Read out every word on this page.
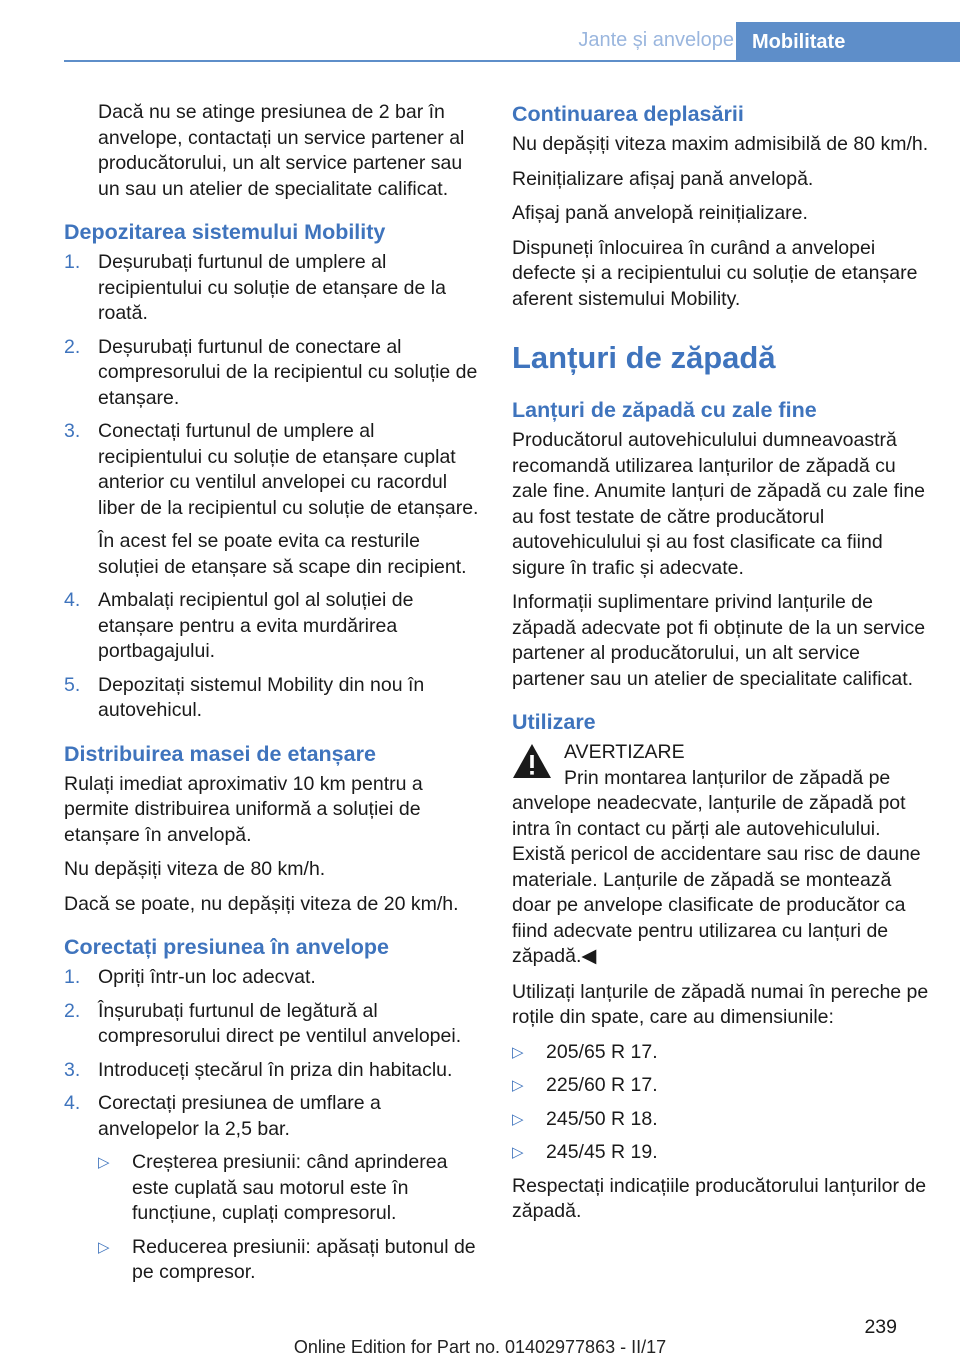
Jante și anvelope Mobilitate

Dacă nu se atinge presiunea de 2 bar în anvelope, contactați un service partener al producătorului, un alt service partener sau un sau un atelier de specialitate calificat.

Depozitarea sistemului Mobility
1. Deșurubați furtunul de umplere al recipientului cu soluție de etanșare de la roată.
2. Deșurubați furtunul de conectare al compresorului de la recipientul cu soluție de etanșare.
3. Conectați furtunul de umplere al recipientului cu soluție de etanșare cuplat anterior cu ventilul anvelopei cu racordul liber de la recipientul cu soluție de etanșare.
În acest fel se poate evita ca resturile soluției de etanșare să scape din recipient.
4. Ambalați recipientul gol al soluției de etanșare pentru a evita murdărirea portbagajului.
5. Depozitați sistemul Mobility din nou în autovehicul.
Distribuirea masei de etanșare

Rulați imediat aproximativ 10 km pentru a permite distribuirea uniformă a soluției de etanșare în anvelopă.

Nu depășiți viteza de 80 km/h.

Dacă se poate, nu depășiți viteza de 20 km/h.

Corectați presiunea în anvelope
1. Opriți într-un loc adecvat.
2. Înșurubați furtunul de legătură al compresorului direct pe ventilul anvelopei.
3. Introduceți ștecărul în priza din habitaclu.
4. Corectați presiunea de umflare a anvelopelor la 2,5 bar.
▷ Creșterea presiunii: când aprinderea este cuplată sau motorul este în funcțiune, cuplați compresorul.
▷ Reducerea presiunii: apăsați butonul de pe compresor.
Continuarea deplasării

Nu depășiți viteza maxim admisibilă de 80 km/h.

Reinițializare afișaj pană anvelopă.

Afișaj pană anvelopă reinițializare.

Dispuneți înlocuirea în curând a anvelopei defecte și a recipientului cu soluție de etanșare aferent sistemului Mobility.

Lanțuri de zăpadă
Lanțuri de zăpadă cu zale fine

Producătorul autovehiculului dumneavoastră recomandă utilizarea lanțurilor de zăpadă cu zale fine. Anumite lanțuri de zăpadă cu zale fine au fost testate de către producătorul autovehiculului și au fost clasificate ca fiind sigure în trafic și adecvate.

Informații suplimentare privind lanțurile de zăpadă adecvate pot fi obținute de la un service partener al producătorului, un alt service partener sau un atelier de specialitate calificat.

Utilizare
AVERTIZARE
Prin montarea lanțurilor de zăpadă pe anvelope neadecvate, lanțurile de zăpadă pot intra în contact cu părți ale autovehiculului. Există pericol de accidentare sau risc de daune materiale. Lanțurile de zăpadă se montează doar pe anvelope clasificate de producător ca fiind adecvate pentru utilizarea cu lanțuri de zăpadă.◀

Utilizați lanțurile de zăpadă numai în pereche pe roțile din spate, care au dimensiunile:

▷ 205/65 R 17.
▷ 225/60 R 17.
▷ 245/50 R 18.
▷ 245/45 R 19.

Respectați indicațiile producătorului lanțurilor de zăpadă.

239
Online Edition for Part no. 01402977863 - II/17
